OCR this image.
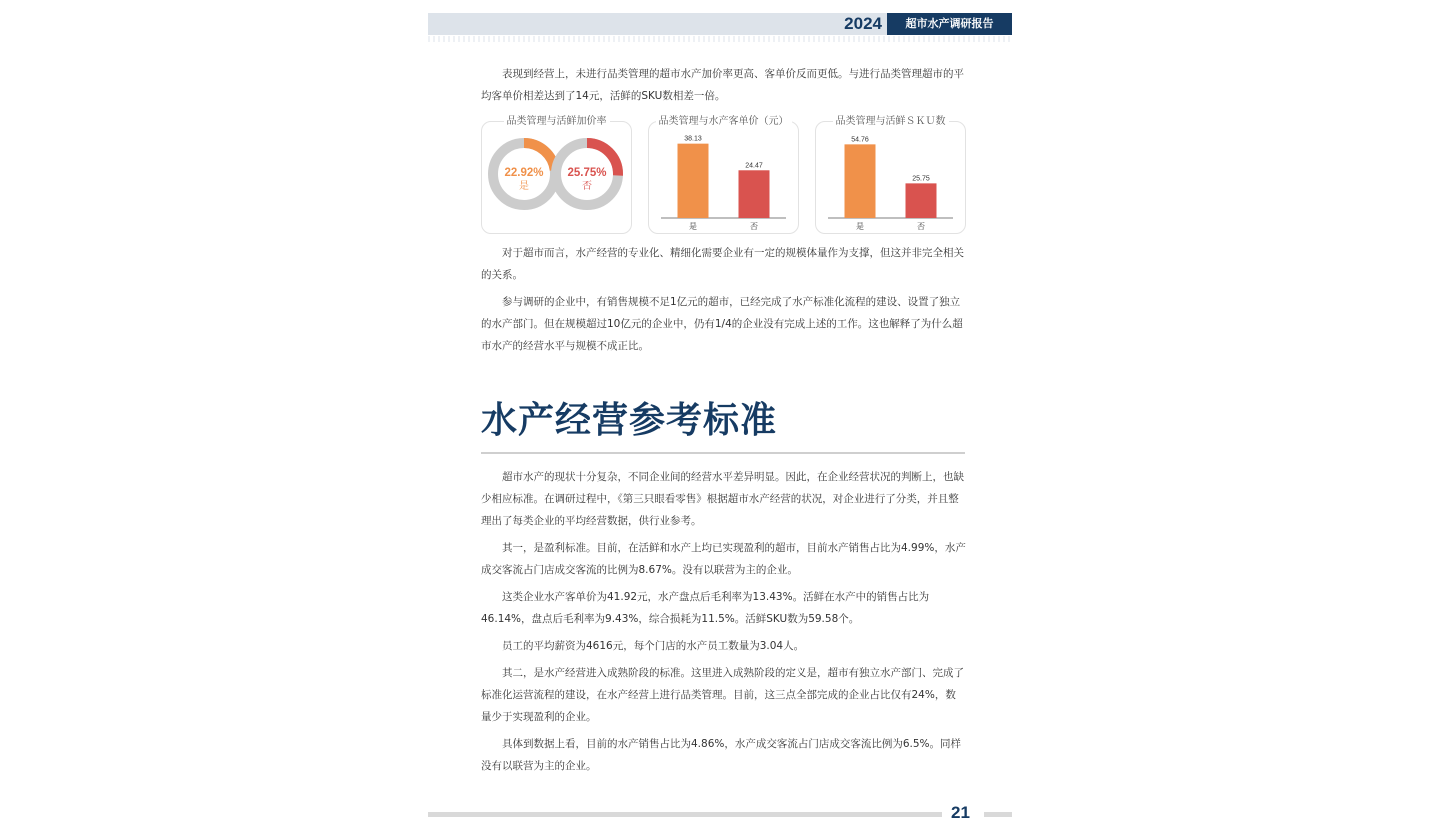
2024	超市水产调研报告

表现到经营上，未进行品类管理的超市水产加价率更高、客单价反而更低。与进行品类管理超市的平均客单价相差达到了14元，活鲜的SKU数相差一倍。

品类管理与活鲜加价率
22.92%
是
25.75%
否
品类管理与水产客单价（元）
38.13
是
24.47
否
品类管理与活鲜ＳＫＵ数
54.76
是
25.75
否

对于超市而言，水产经营的专业化、精细化需要企业有一定的规模体量作为支撑，但这并非完全相关的关系。

参与调研的企业中，有销售规模不足1亿元的超市，已经完成了水产标准化流程的建设、设置了独立的水产部门。但在规模超过10亿元的企业中，仍有1/4的企业没有完成上述的工作。这也解释了为什么超市水产的经营水平与规模不成正比。

水产经营参考标准

超市水产的现状十分复杂，不同企业间的经营水平差异明显。因此，在企业经营状况的判断上，也缺少相应标准。在调研过程中，《第三只眼看零售》根据超市水产经营的状况，对企业进行了分类，并且整理出了每类企业的平均经营数据，供行业参考。

其一，是盈利标准。目前，在活鲜和水产上均已实现盈利的超市，目前水产销售占比为4.99%，水产成交客流占门店成交客流的比例为8.67%。没有以联营为主的企业。

这类企业水产客单价为41.92元，水产盘点后毛利率为13.43%。活鲜在水产中的销售占比为46.14%，盘点后毛利率为9.43%，综合损耗为11.5%。活鲜SKU数为59.58个。

员工的平均薪资为4616元，每个门店的水产员工数量为3.04人。

其二，是水产经营进入成熟阶段的标准。这里进入成熟阶段的定义是，超市有独立水产部门、完成了标准化运营流程的建设，在水产经营上进行品类管理。目前，这三点全部完成的企业占比仅有24%，数量少于实现盈利的企业。

具体到数据上看，目前的水产销售占比为4.86%，水产成交客流占门店成交客流比例为6.5%。同样没有以联营为主的企业。

21
